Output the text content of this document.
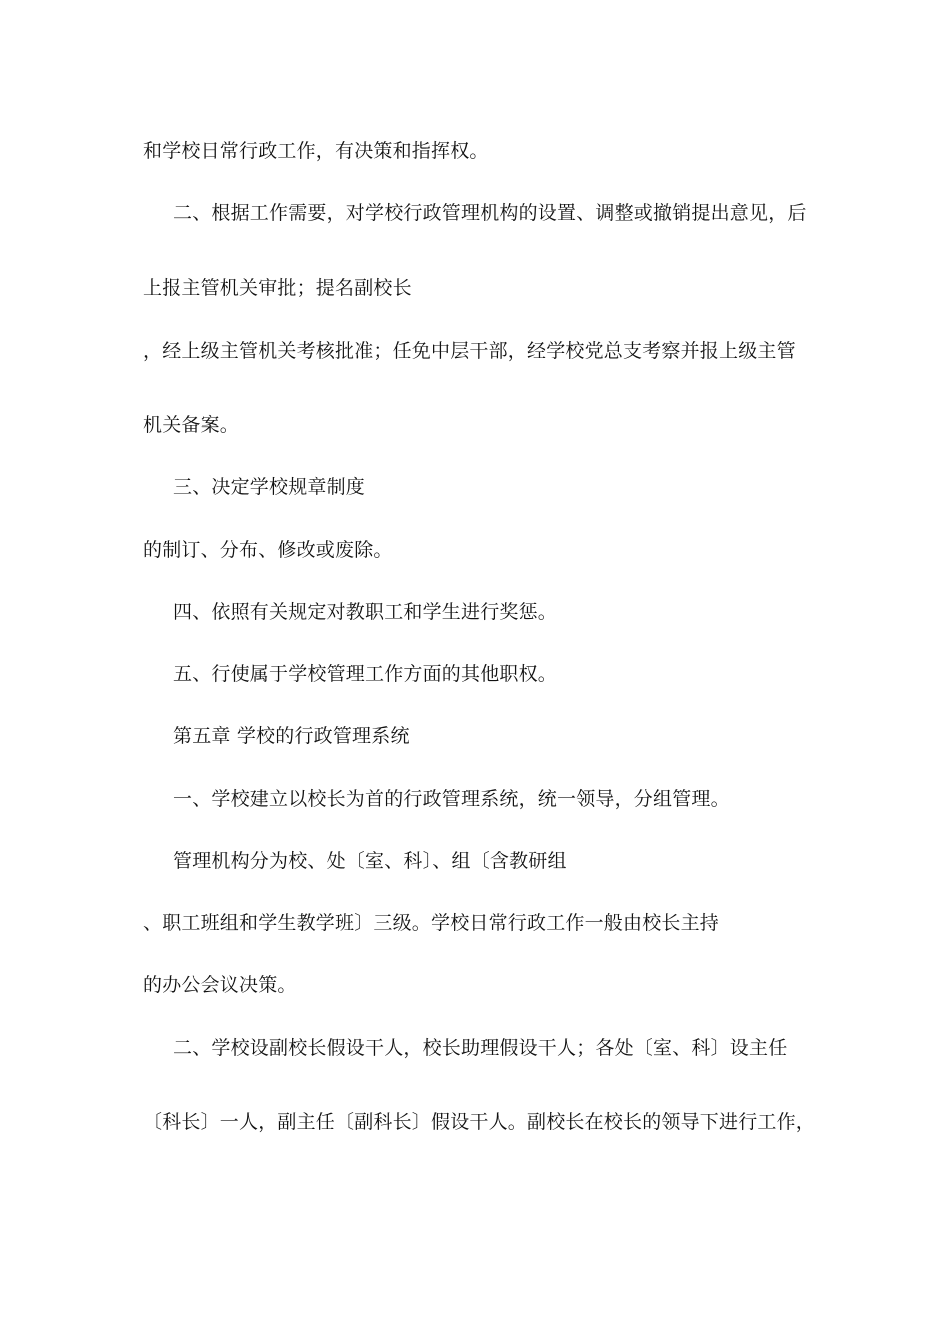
和学校日常行政工作，有决策和指挥权。
二、根据工作需要，对学校行政管理机构的设置、调整或撤销提出意见，后
上报主管机关审批；提名副校长
，经上级主管机关考核批准；任免中层干部，经学校党总支考察并报上级主管
机关备案。
三、决定学校规章制度
的制订、分布、修改或废除。
四、依照有关规定对教职工和学生进行奖惩。
五、行使属于学校管理工作方面的其他职权。
第五章 学校的行政管理系统
一、学校建立以校长为首的行政管理系统，统一领导，分组管理。
管理机构分为校、处〔室、科〕、组〔含教研组
、职工班组和学生教学班〕三级。学校日常行政工作一般由校长主持
的办公会议决策。
二、学校设副校长假设干人，校长助理假设干人；各处〔室、科〕设主任
〔科长〕一人，副主任〔副科长〕假设干人。副校长在校长的领导下进行工作，
